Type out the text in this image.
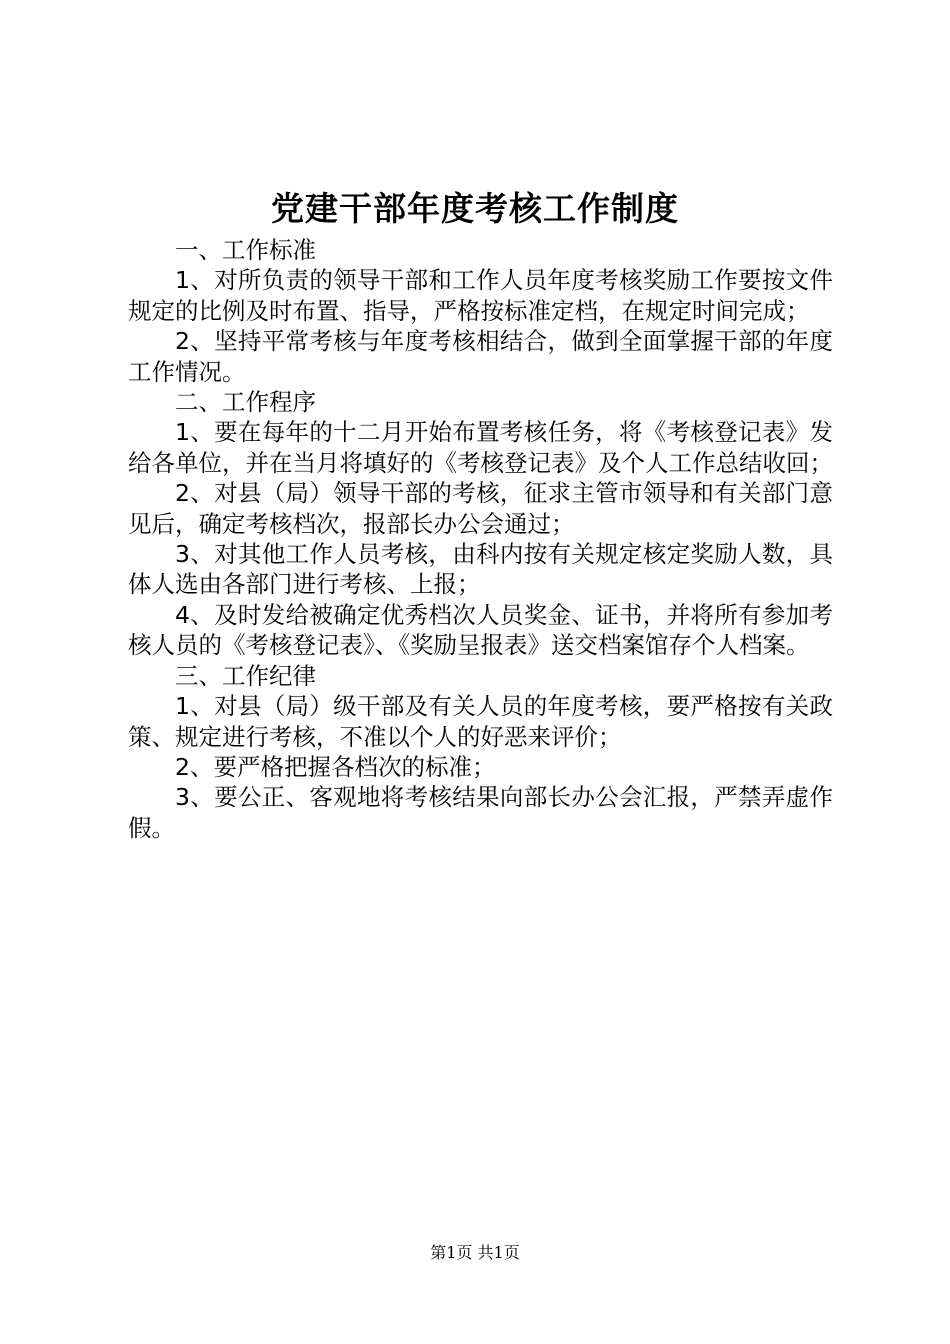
党建干部年度考核工作制度

一、工作标准

1、对所负责的领导干部和工作人员年度考核奖励工作要按文件规定的比例及时布置、指导，严格按标准定档，在规定时间完成；

2、坚持平常考核与年度考核相结合，做到全面掌握干部的年度工作情况。

二、工作程序

1、要在每年的十二月开始布置考核任务，将《考核登记表》发给各单位，并在当月将填好的《考核登记表》及个人工作总结收回；

2、对县（局）领导干部的考核，征求主管市领导和有关部门意见后，确定考核档次，报部长办公会通过；

3、对其他工作人员考核，由科内按有关规定核定奖励人数，具体人选由各部门进行考核、上报；

4、及时发给被确定优秀档次人员奖金、证书，并将所有参加考核人员的《考核登记表》、《奖励呈报表》送交档案馆存个人档案。

三、工作纪律

1、对县（局）级干部及有关人员的年度考核，要严格按有关政策、规定进行考核，不准以个人的好恶来评价；

2、要严格把握各档次的标准；

3、要公正、客观地将考核结果向部长办公会汇报，严禁弄虚作假。

第1页 共1页
